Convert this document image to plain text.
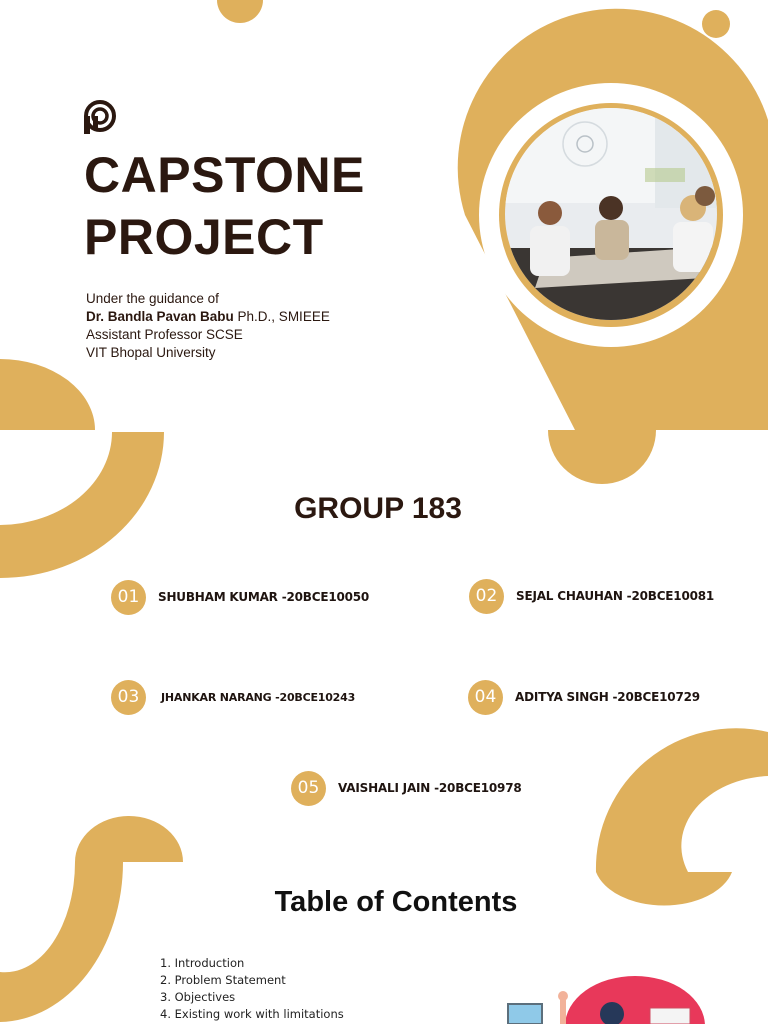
CAPSTONE
PROJECT
Under the guidance of
Dr. Bandla Pavan Babu Ph.D., SMIEEE
Assistant Professor SCSE
VIT Bhopal University
GROUP 183
01	SHUBHAM KUMAR -20BCE10050	02	SEJAL CHAUHAN -20BCE10081
03	JHANKAR NARANG -20BCE10243	04	ADITYA SINGH -20BCE10729
05	VAISHALI JAIN -20BCE10978
Table of Contents
1. Introduction
2. Problem Statement
3. Objectives
4. Existing work with limitations
